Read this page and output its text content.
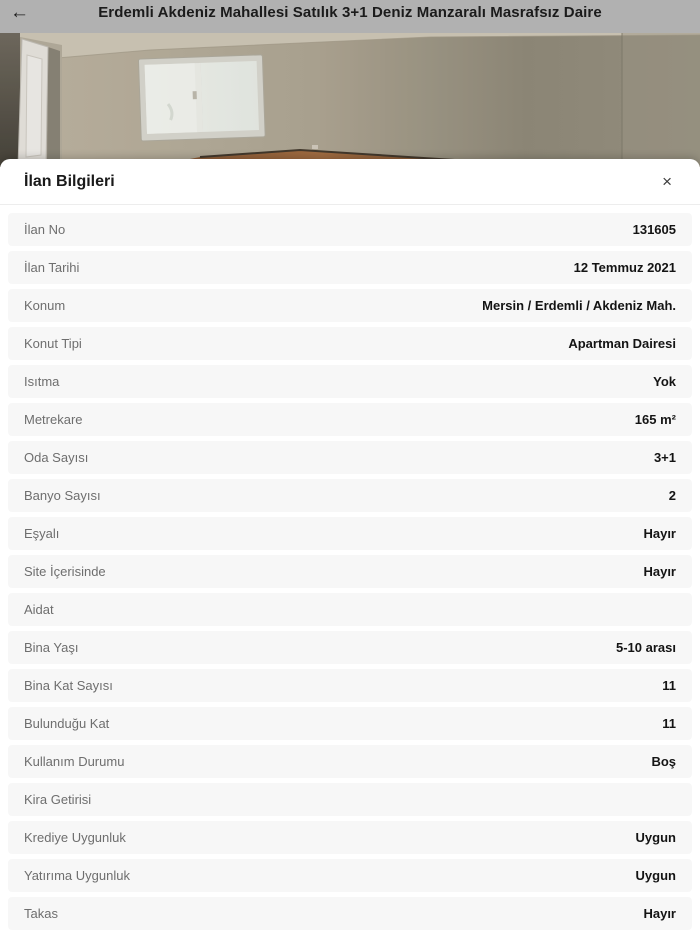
←	Erdemli Akdeniz Mahallesi Satılık 3+1 Deniz Manzaralı Masrafsız Daire
İlan Bilgileri	×
İlan No	131605
İlan Tarihi	12 Temmuz 2021
Konum	Mersin / Erdemli / Akdeniz Mah.
Konut Tipi	Apartman Dairesi
Isıtma	Yok
Metrekare	165 m²
Oda Sayısı	3+1
Banyo Sayısı	2
Eşyalı	Hayır
Site İçerisinde	Hayır
Aidat
Bina Yaşı	5-10 arası
Bina Kat Sayısı	11
Bulunduğu Kat	11
Kullanım Durumu	Boş
Kira Getirisi
Krediye Uygunluk	Uygun
Yatırıma Uygunluk	Uygun
Takas	Hayır
